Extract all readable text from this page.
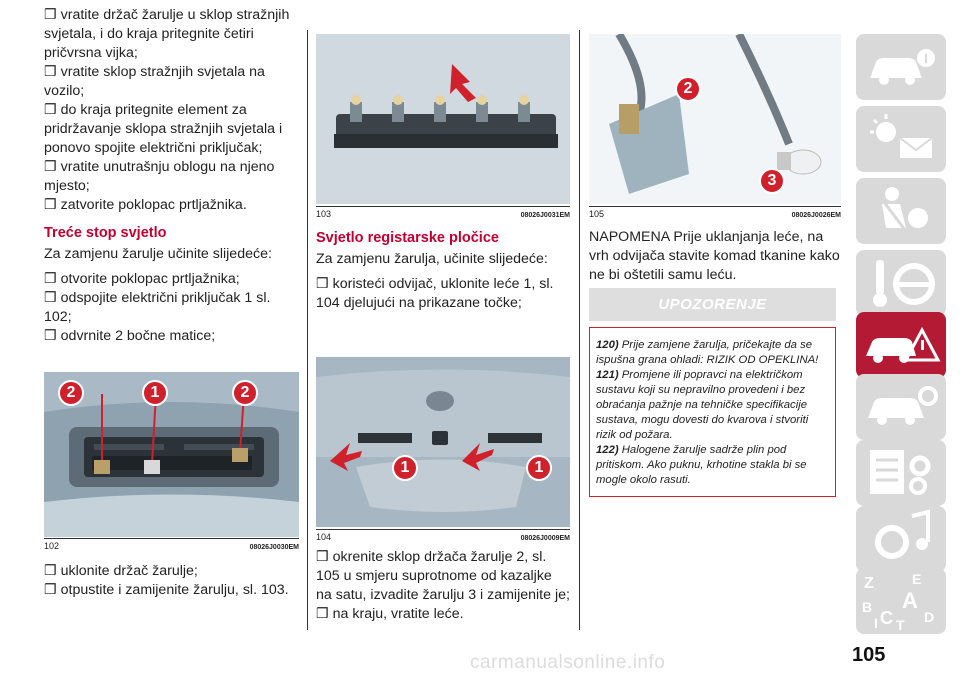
❒ vratite držač žarulje u sklop stražnjih svjetala, i do kraja pritegnite četiri pričvrsna vijka;

❒ vratite sklop stražnjih svjetala na vozilo;

❒ do kraja pritegnite element za pridržavanje sklopa stražnjih svjetala i ponovo spojite električni priključak;

❒ vratite unutrašnju oblogu na njeno mjesto;

❒ zatvorite poklopac prtljažnika.

Treće stop svjetlo
Za zamjenu žarulje učinite slijedeće:

❒ otvorite poklopac prtljažnika;

❒ odspojite električni priključak 1 sl. 102;

❒ odvrnite 2 bočne matice;

2	1	2
102	08026J0030EM

❒ uklonite držač žarulje;

❒ otpustite i zamijenite žarulju, sl. 103.

103	08026J0031EM
Svjetlo registarske pločice
Za zamjenu žarulja, učinite slijedeće:
❒ koristeći odvijač, uklonite leće 1, sl. 104 djelujući na prikazane točke;
1	1
104	08026J0009EM

❒ okrenite sklop držača žarulje 2, sl. 105 u smjeru suprotnome od kazaljke na satu, izvadite žarulju 3 i zamijenite je;

❒ na kraju, vratite leće.

2
3
105	08026J0026EM
NAPOMENA Prije uklanjanja leće, na vrh odvijača stavite komad tkanine kako ne bi oštetili samu leću.
UPOZORENJE

120) Prije zamjene žarulja, pričekajte da se ispušna grana ohladi: RIZIK OD OPEKLINA!

121) Promjene ili popravci na električkom sustavu koji su nepravilno provedeni i bez obraćanja pažnje na tehničke specifikacije sustava, mogu dovesti do kvarova i stvoriti rizik od požara.

122) Halogene žarulje sadrže plin pod pritiskom. Ako puknu, krhotine stakla bi se mogle okolo rasuti.

Z	E
B A
C T D
I
105
carmanualsonline.info
